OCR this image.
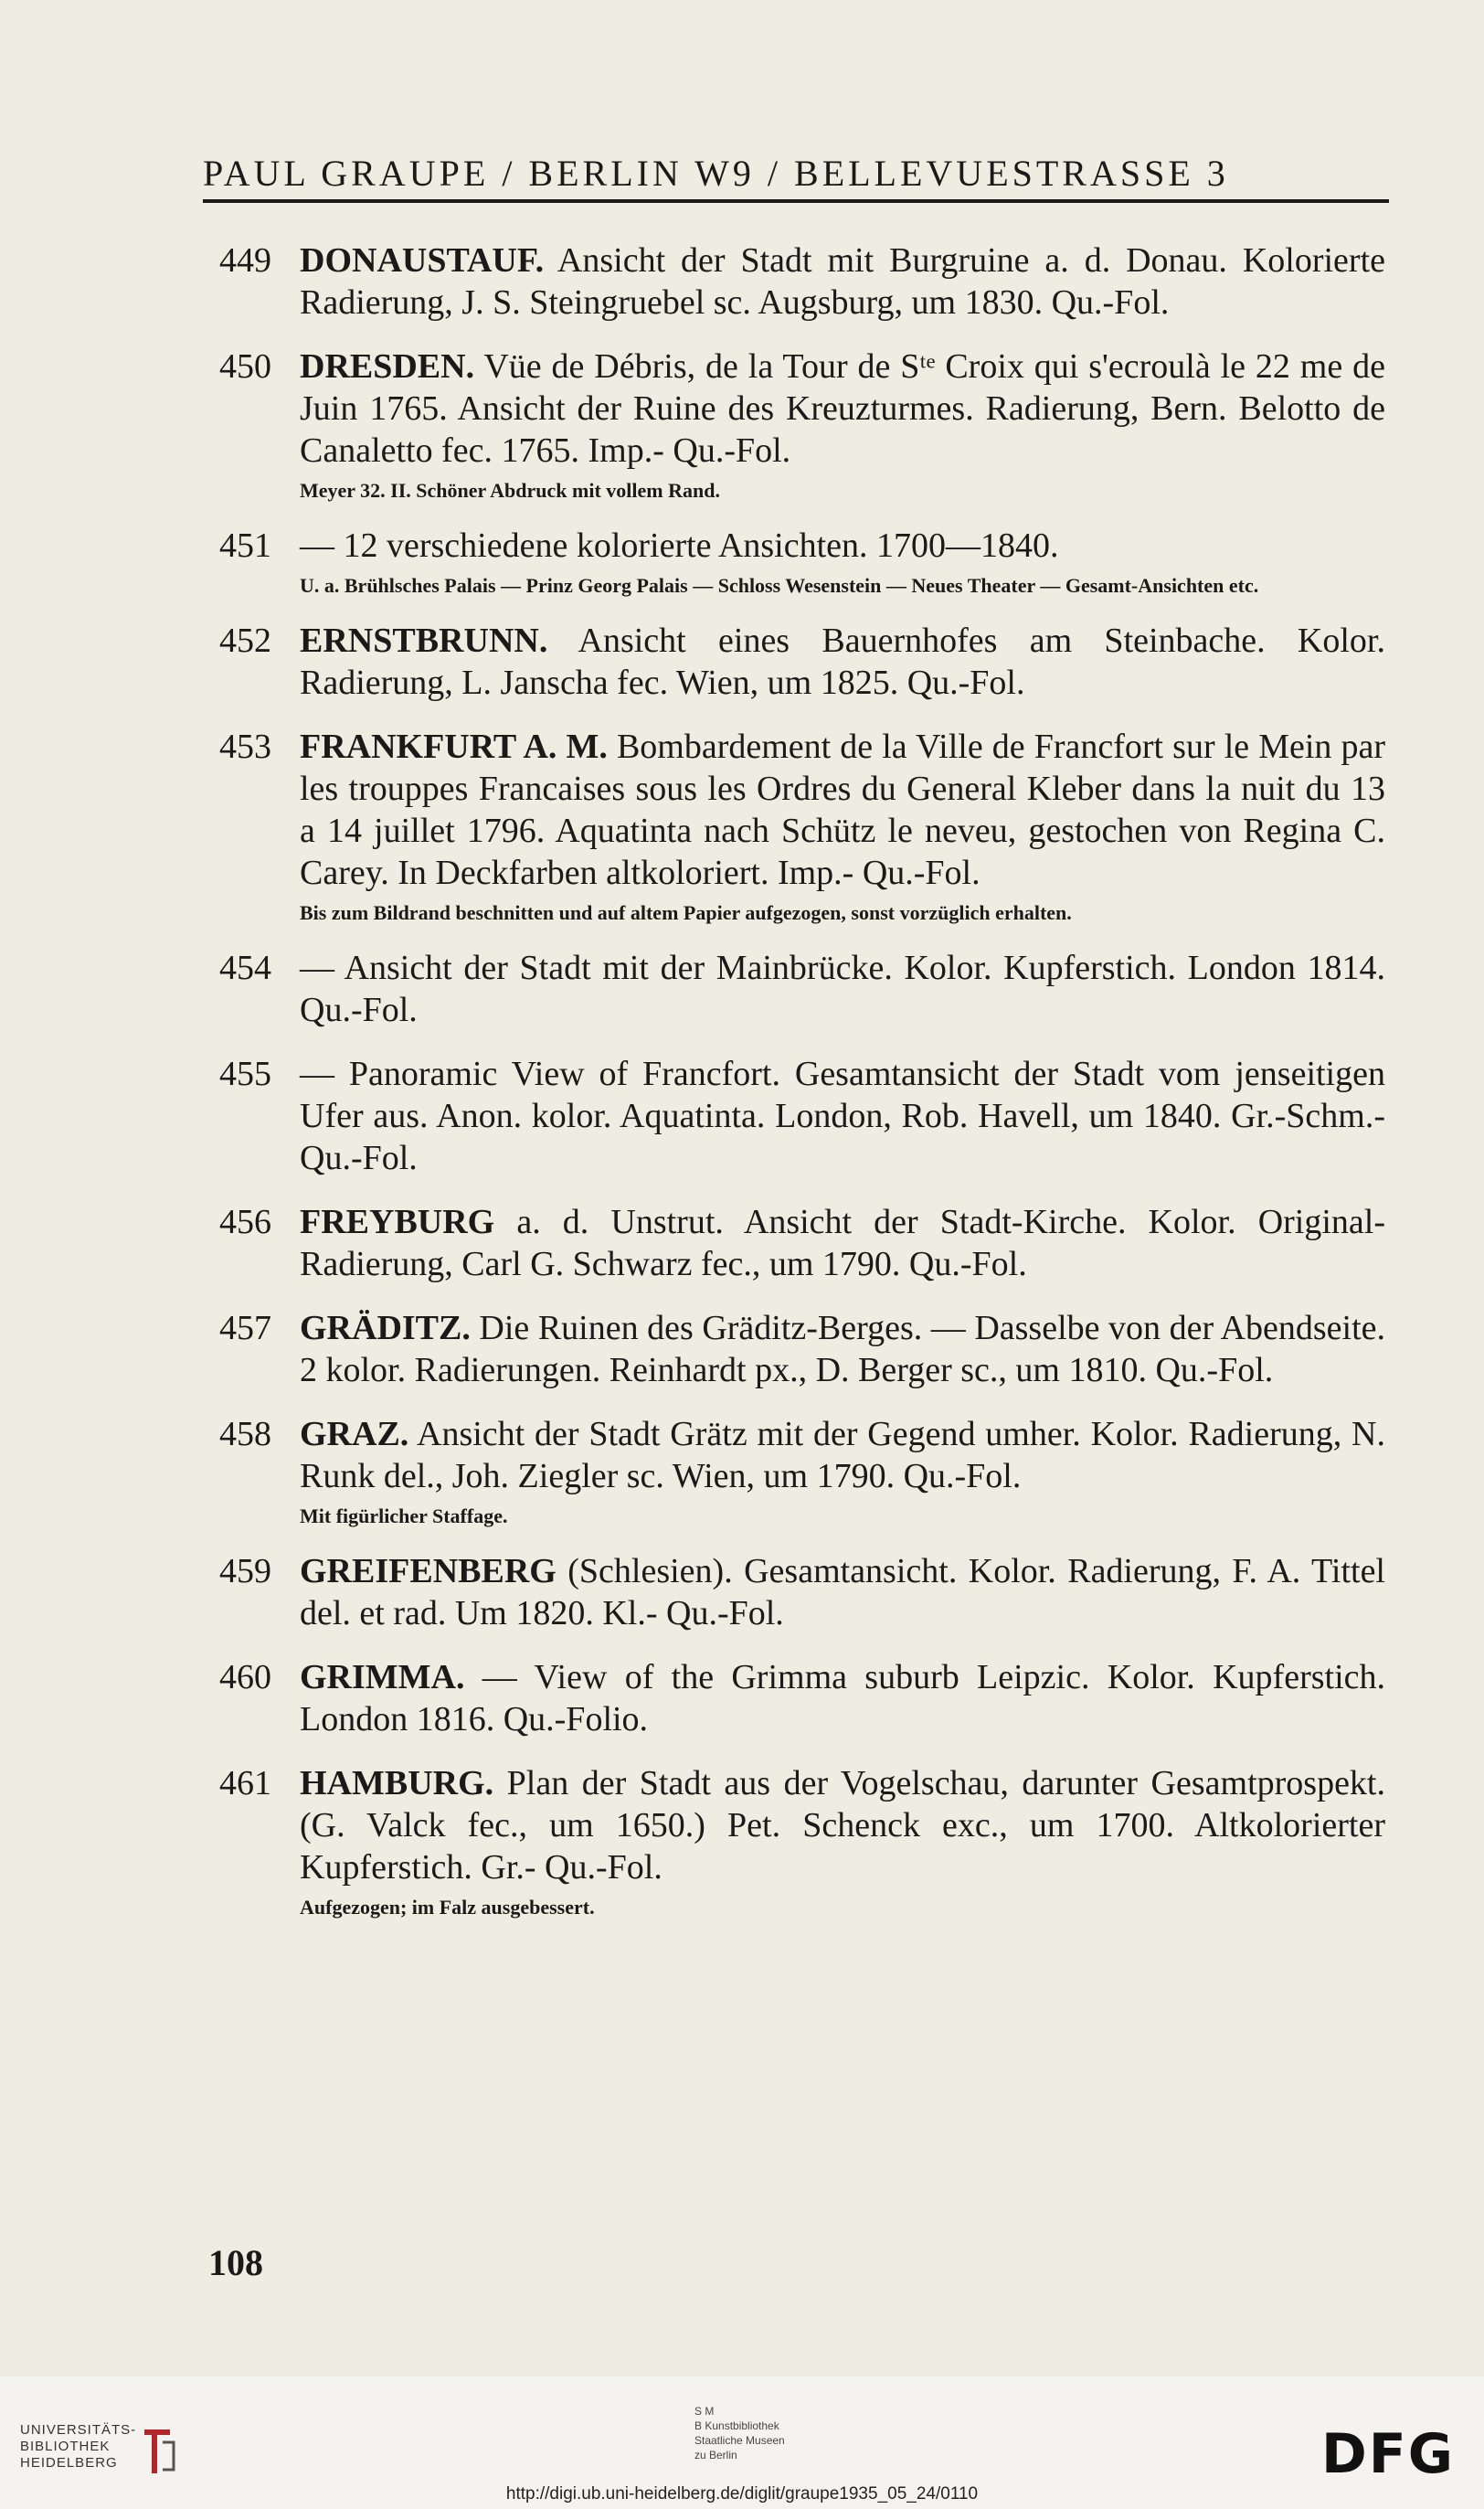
PAUL GRAUPE / BERLIN W9 / BELLEVUESTRASSE 3
449 DONAUSTAUF. Ansicht der Stadt mit Burgruine a. d. Donau. Kolorierte Radierung, J. S. Steingruebel sc. Augsburg, um 1830. Qu.-Fol.
450 DRESDEN. Vüe de Débris, de la Tour de Sᵗᵉ Croix qui s'ecroulà le 22 me de Juin 1765. Ansicht der Ruine des Kreuzturmes. Radierung, Bern. Belotto de Canaletto fec. 1765. Imp.- Qu.-Fol.
Meyer 32. II. Schöner Abdruck mit vollem Rand.
451 — 12 verschiedene kolorierte Ansichten. 1700—1840.
U. a. Brühlsches Palais — Prinz Georg Palais — Schloss Wesenstein — Neues Theater — Gesamt-Ansichten etc.
452 ERNSTBRUNN. Ansicht eines Bauernhofes am Steinbache. Kolor. Radierung, L. Janscha fec. Wien, um 1825. Qu.-Fol.
453 FRANKFURT A. M. Bombardement de la Ville de Francfort sur le Mein par les trouppes Francaises sous les Ordres du General Kleber dans la nuit du 13 a 14 juillet 1796. Aquatinta nach Schütz le neveu, gestochen von Regina C. Carey. In Deckfarben altkoloriert. Imp.- Qu.-Fol.
Bis zum Bildrand beschnitten und auf altem Papier aufgezogen, sonst vorzüglich erhalten.
454 — Ansicht der Stadt mit der Mainbrücke. Kolor. Kupferstich. London 1814. Qu.-Fol.
455 — Panoramic View of Francfort. Gesamtansicht der Stadt vom jenseitigen Ufer aus. Anon. kolor. Aquatinta. London, Rob. Havell, um 1840. Gr.-Schm.- Qu.-Fol.
456 FREYBURG a. d. Unstrut. Ansicht der Stadt-Kirche. Kolor. Original-Radierung, Carl G. Schwarz fec., um 1790. Qu.-Fol.
457 GRÄDITZ. Die Ruinen des Gräditz-Berges. — Dasselbe von der Abendseite. 2 kolor. Radierungen. Reinhardt px., D. Berger sc., um 1810. Qu.-Fol.
458 GRAZ. Ansicht der Stadt Grätz mit der Gegend umher. Kolor. Radierung, N. Runk del., Joh. Ziegler sc. Wien, um 1790. Qu.-Fol.
Mit figürlicher Staffage.
459 GREIFENBERG (Schlesien). Gesamtansicht. Kolor. Radierung, F. A. Tittel del. et rad. Um 1820. Kl.- Qu.-Fol.
460 GRIMMA. — View of the Grimma suburb Leipzic. Kolor. Kupferstich. London 1816. Qu.-Folio.
461 HAMBURG. Plan der Stadt aus der Vogelschau, darunter Gesamtprospekt. (G. Valck fec., um 1650.) Pet. Schenck exc., um 1700. Altkolorierter Kupferstich. Gr.- Qu.-Fol.
Aufgezogen; im Falz ausgebessert.
108
UNIVERSITÄTS-
BIBLIOTHEK
HEIDELBERG
S M
B Kunstbibliothek
Staatliche Museen
zu Berlin	DFG
http://digi.ub.uni-heidelberg.de/diglit/graupe1935_05_24/0110
